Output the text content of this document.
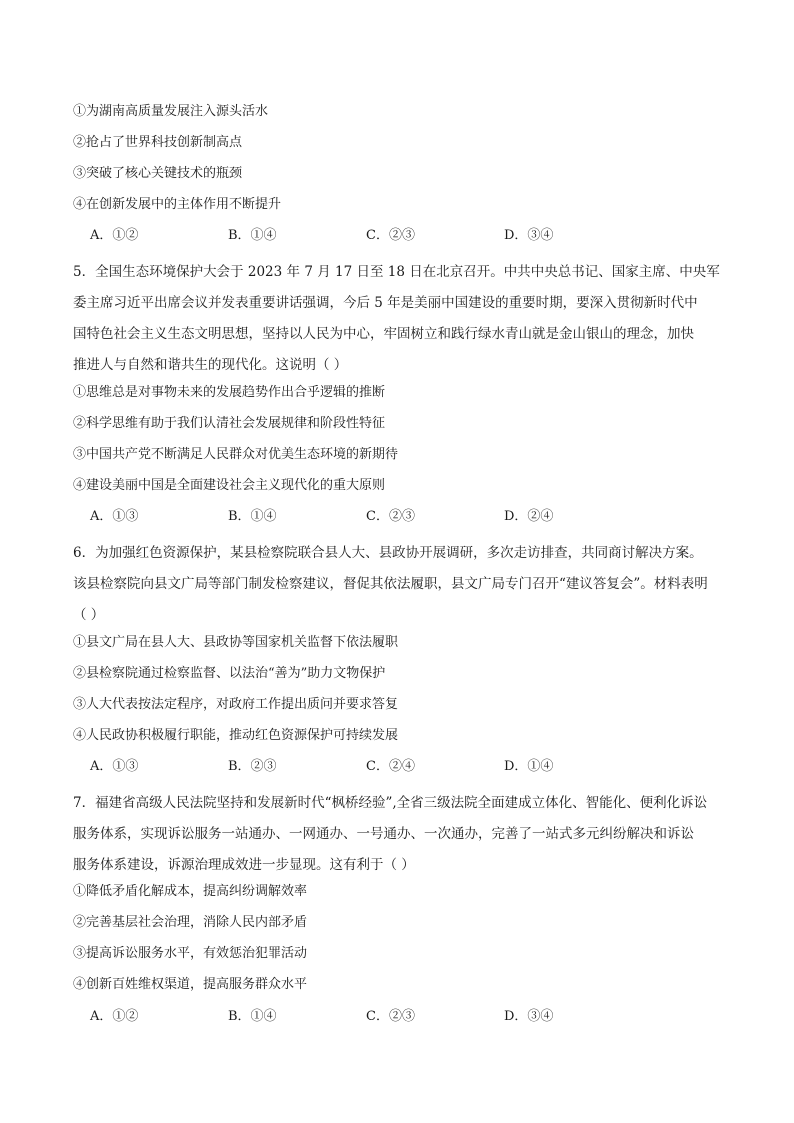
①为湖南高质量发展注入源头活水
②抢占了世界科技创新制高点
③突破了核心关键技术的瓶颈
④在创新发展中的主体作用不断提升
A．①②	B．①④	C．②③	D．③④
5．全国生态环境保护大会于 2023 年 7 月 17 日至 18 日在北京召开。中共中央总书记、国家主席、中央军
委主席习近平出席会议并发表重要讲话强调，今后 5 年是美丽中国建设的重要时期，要深入贯彻新时代中
国特色社会主义生态文明思想，坚持以人民为中心，牢固树立和践行绿水青山就是金山银山的理念，加快
推进人与自然和谐共生的现代化。这说明（ ）
①思维总是对事物未来的发展趋势作出合乎逻辑的推断
②科学思维有助于我们认清社会发展规律和阶段性特征
③中国共产党不断满足人民群众对优美生态环境的新期待
④建设美丽中国是全面建设社会主义现代化的重大原则
A．①③	B．①④	C．②③	D．②④
6．为加强红色资源保护，某县检察院联合县人大、县政协开展调研，多次走访排查，共同商讨解决方案。
该县检察院向县文广局等部门制发检察建议，督促其依法履职，县文广局专门召开“建议答复会”。材料表明
（ ）
①县文广局在县人大、县政协等国家机关监督下依法履职
②县检察院通过检察监督、以法治“善为”助力文物保护
③人大代表按法定程序，对政府工作提出质问并要求答复
④人民政协积极履行职能，推动红色资源保护可持续发展
A．①③	B．②③	C．②④	D．①④
7．福建省高级人民法院坚持和发展新时代“枫桥经验”,全省三级法院全面建成立体化、智能化、便利化诉讼
服务体系，实现诉讼服务一站通办、一网通办、一号通办、一次通办，完善了一站式多元纠纷解决和诉讼
服务体系建设，诉源治理成效进一步显现。这有利于（ ）
①降低矛盾化解成本，提高纠纷调解效率
②完善基层社会治理，消除人民内部矛盾
③提高诉讼服务水平，有效惩治犯罪活动
④创新百姓维权渠道，提高服务群众水平
A．①②	B．①④	C．②③	D．③④
